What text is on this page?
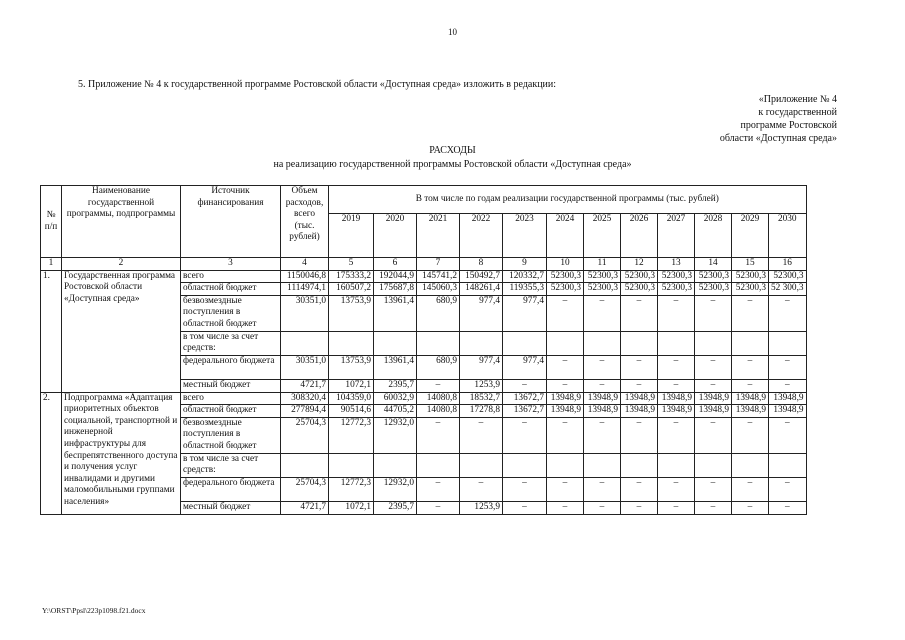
10
5. Приложение № 4 к государственной программе Ростовской области «Доступная среда» изложить в редакции:
«Приложение № 4
к государственной
программе Ростовской
области «Доступная среда»
РАСХОДЫ
на реализацию государственной программы Ростовской области «Доступная среда»
№ п/п	Наименование государственной программы, подпрограммы	Источник финансирования	Объем расходов, всего (тыс. рублей)	В том числе по годам реализации государственной программы (тыс. рублей)											
				2019	2020	2021	2022	2023	2024	2025	2026	2027	2028	2029	2030
1	2	3	4	5	6	7	8	9	10	11	12	13	14	15	16
1.	Государственная программа Ростовской области «Доступная среда»	всего	1150046,8	175333,2	192044,9	145741,2	150492,7	120332,7	52300,3	52300,3	52300,3	52300,3	52300,3	52300,3	52300,3
		областной бюджет	1114974,1	160507,2	175687,8	145060,3	148261,4	119355,3	52300,3	52300,3	52300,3	52300,3	52300,3	52300,3	52 300,3
		безвозмездные поступления в областной бюджет	30351,0	13753,9	13961,4	680,9	977,4	977,4	–	–	–	–	–	–	–
		в том числе за счет средств:													
		федерального бюджета	30351,0	13753,9	13961,4	680,9	977,4	977,4	–	–	–	–	–	–	–
		местный бюджет	4721,7	1072,1	2395,7	–	1253,9	–	–	–	–	–	–	–	–
2.	Подпрограмма «Адаптация приоритетных объектов социальной, транспортной и инженерной инфраструктуры для беспрепятственного доступа и получения услуг инвалидами и другими маломобильными группами населения»	всего	308320,4	104359,0	60032,9	14080,8	18532,7	13672,7	13948,9	13948,9	13948,9	13948,9	13948,9	13948,9	13948,9
		областной бюджет	277894,4	90514,6	44705,2	14080,8	17278,8	13672,7	13948,9	13948,9	13948,9	13948,9	13948,9	13948,9	13948,9
		безвозмездные поступления в областной бюджет	25704,3	12772,3	12932,0	–	–	–	–	–	–	–	–	–	–
		в том числе за счет средств:													
		федерального бюджета	25704,3	12772,3	12932,0	–	–	–	–	–	–	–	–	–	–
		местный бюджет	4721,7	1072,1	2395,7	–	1253,9	–	–	–	–	–	–	–	–
Y:\ORST\Ppsl\223p1098.f21.docx
